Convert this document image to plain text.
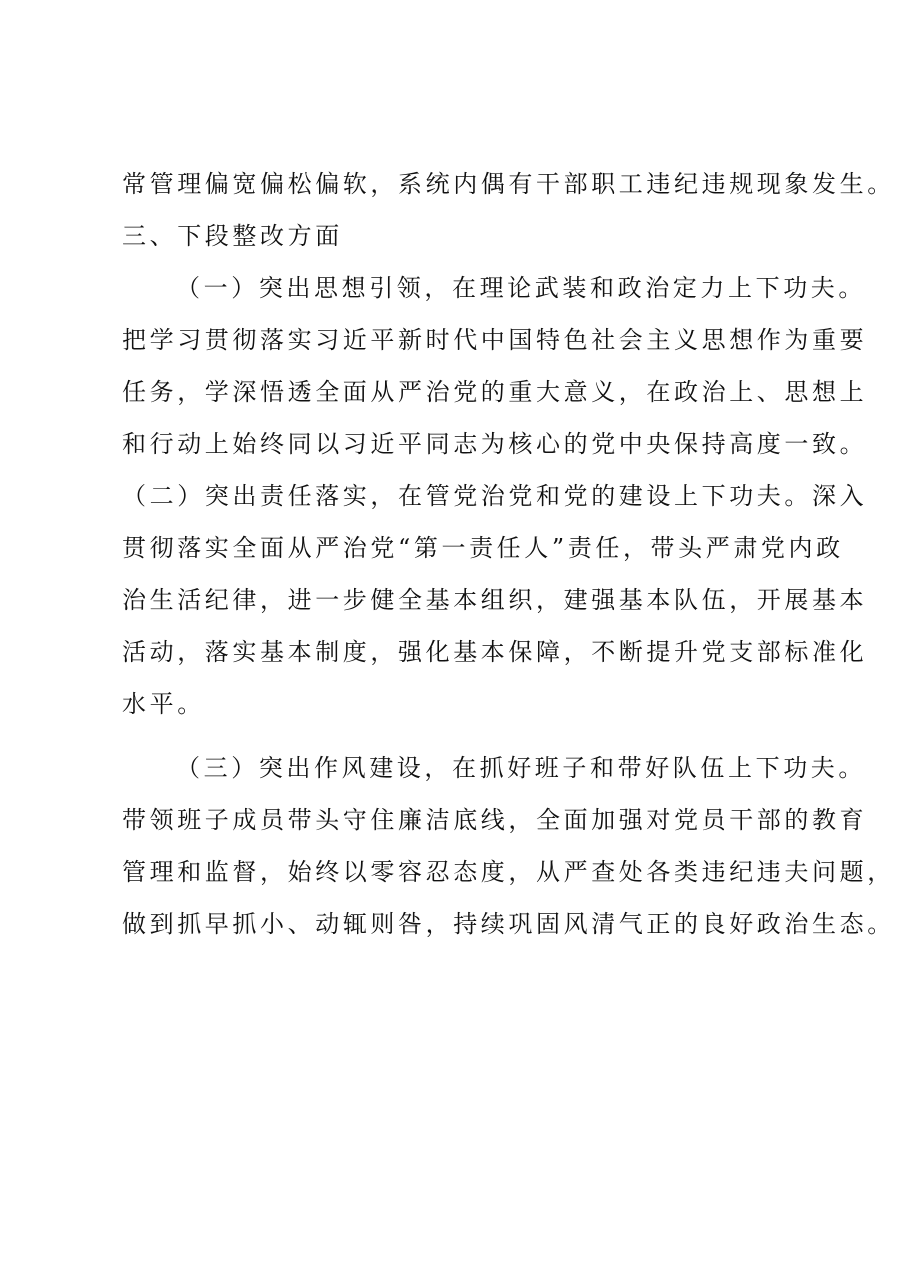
常管理偏宽偏松偏软，系统内偶有干部职工违纪违规现象发生。
三、下段整改方面
（一）突出思想引领，在理论武装和政治定力上下功夫。
把学习贯彻落实习近平新时代中国特色社会主义思想作为重要
任务，学深悟透全面从严治党的重大意义，在政治上、思想上
和行动上始终同以习近平同志为核心的党中央保持高度一致。
（二）突出责任落实，在管党治党和党的建设上下功夫。深入
贯彻落实全面从严治党“第一责任人”责任，带头严肃党内政
治生活纪律，进一步健全基本组织，建强基本队伍，开展基本
活动，落实基本制度，强化基本保障，不断提升党支部标准化
水平。
（三）突出作风建设，在抓好班子和带好队伍上下功夫。
带领班子成员带头守住廉洁底线，全面加强对党员干部的教育
管理和监督，始终以零容忍态度，从严查处各类违纪违夫问题，
做到抓早抓小、动辄则咎，持续巩固风清气正的良好政治生态。
